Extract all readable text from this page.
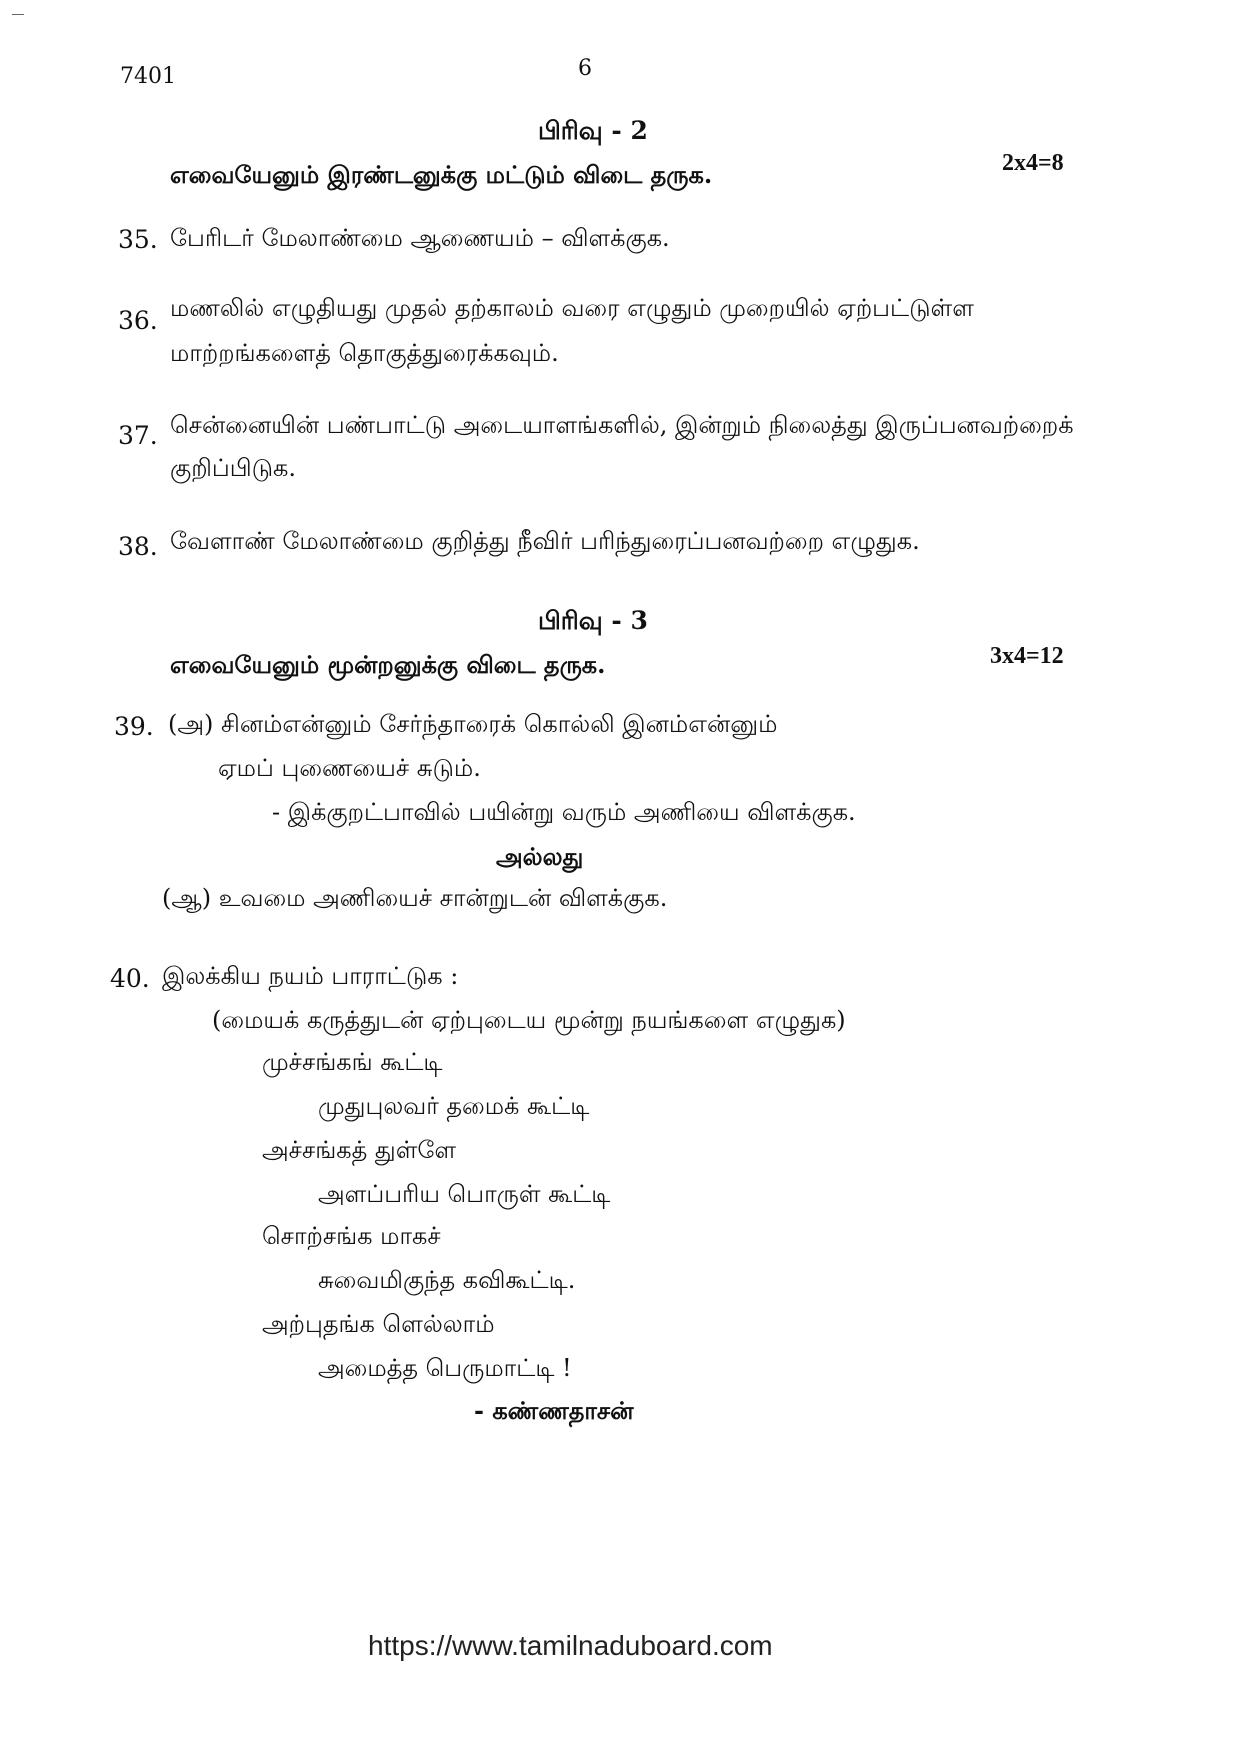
7401	6
பிரிவு - 2
எவையேனும் இரண்டனுக்கு மட்டும் விடை தருக.	2x4=8
35. பேரிடர் மேலாண்மை ஆணையம் – விளக்குக.
36. மணலில் எழுதியது முதல் தற்காலம் வரை எழுதும் முறையில் ஏற்பட்டுள்ள
மாற்றங்களைத் தொகுத்துரைக்கவும்.
37. சென்னையின் பண்பாட்டு அடையாளங்களில், இன்றும் நிலைத்து இருப்பனவற்றைக்
குறிப்பிடுக.
38. வேளாண் மேலாண்மை குறித்து நீவிர் பரிந்துரைப்பனவற்றை எழுதுக.
பிரிவு - 3
எவையேனும் மூன்றனுக்கு விடை தருக.	3x4=12
39. (அ) சினம்என்னும் சேர்ந்தாரைக் கொல்லி இனம்என்னும்
ஏமப் புணையைச் சுடும்.
- இக்குறட்பாவில் பயின்று வரும் அணியை விளக்குக.
அல்லது
(ஆ) உவமை அணியைச் சான்றுடன் விளக்குக.
40. இலக்கிய நயம் பாராட்டுக :
(மையக் கருத்துடன் ஏற்புடைய மூன்று நயங்களை எழுதுக)
முச்சங்கங் கூட்டி
முதுபுலவர் தமைக் கூட்டி
அச்சங்கத் துள்ளே
அளப்பரிய பொருள் கூட்டி
சொற்சங்க மாகச்
சுவைமிகுந்த கவிகூட்டி.
அற்புதங்க ளெல்லாம்
அமைத்த பெருமாட்டி !
- கண்ணதாசன்
https://www.tamilnaduboard.com
